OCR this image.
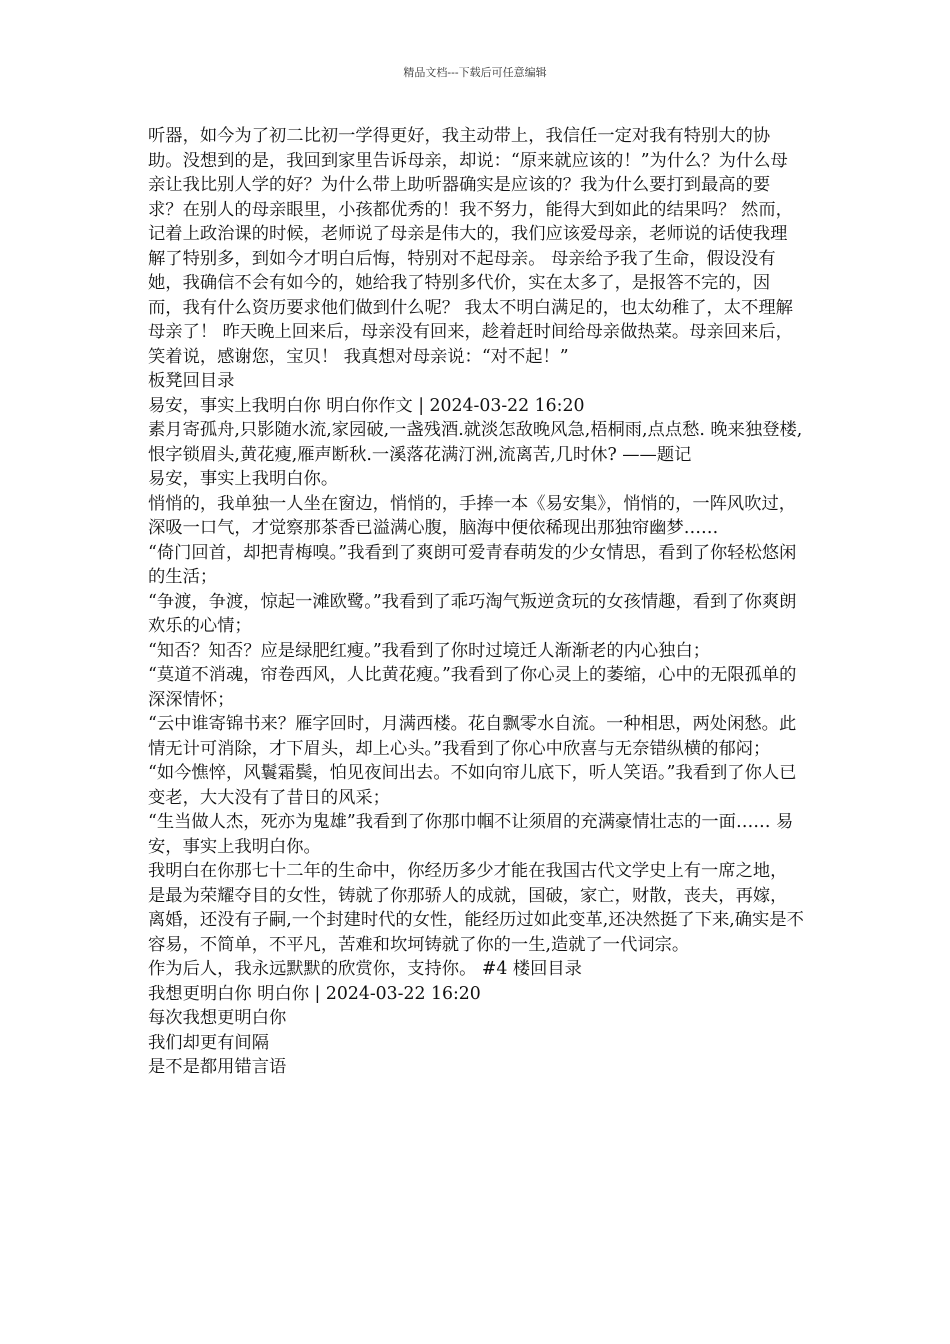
精品文档---下载后可任意编辑

听器，如今为了初二比初一学得更好，我主动带上，我信任一定对我有特别大的协助。没想到的是，我回到家里告诉母亲，却说：“原来就应该的！”为什么？为什么母亲让我比别人学的好？为什么带上助听器确实是应该的？我为什么要打到最高的要求？在别人的母亲眼里，小孩都优秀的！我不努力，能得大到如此的结果吗？ 然而，记着上政治课的时候，老师说了母亲是伟大的，我们应该爱母亲，老师说的话使我理解了特别多，到如今才明白后悔，特别对不起母亲。 母亲给予我了生命，假设没有她，我确信不会有如今的，她给我了特别多代价，实在太多了，是报答不完的，因而，我有什么资历要求他们做到什么呢？ 我太不明白满足的，也太幼稚了，太不理解母亲了！ 昨天晚上回来后，母亲没有回来，趁着赶时间给母亲做热菜。母亲回来后，笑着说，感谢您，宝贝！ 我真想对母亲说：“对不起！”

板凳回目录

易安，事实上我明白你 明白你作文 | 2024-03-22 16:20

素月寄孤舟,只影随水流,家园破,一盏残酒.就淡怎敌晚风急,梧桐雨,点点愁. 晚来独登楼,恨字锁眉头,黄花瘦,雁声断秋.一溪落花满汀洲,流离苦,几时休? ——题记

易安，事实上我明白你。

悄悄的，我单独一人坐在窗边，悄悄的，手捧一本《易安集》，悄悄的，一阵风吹过，深吸一口气，才觉察那茶香已溢满心腹，脑海中便依稀现出那独帘幽梦……

“倚门回首，却把青梅嗅。”我看到了爽朗可爱青春萌发的少女情思，看到了你轻松悠闲的生活；

“争渡，争渡，惊起一滩欧鹭。”我看到了乖巧淘气叛逆贪玩的女孩情趣，看到了你爽朗欢乐的心情；

“知否？知否？应是绿肥红瘦。”我看到了你时过境迁人渐渐老的内心独白；

“莫道不消魂，帘卷西风，人比黄花瘦。”我看到了你心灵上的萎缩，心中的无限孤单的深深情怀；

“云中谁寄锦书来？雁字回时，月满西楼。花自飘零水自流。一种相思，两处闲愁。此情无计可消除，才下眉头，却上心头。”我看到了你心中欣喜与无奈错纵横的郁闷；

“如今憔悴，风鬟霜鬓，怕见夜间出去。不如向帘儿底下，听人笑语。”我看到了你人已变老，大大没有了昔日的风采；

“生当做人杰，死亦为鬼雄”我看到了你那巾帼不让须眉的充满豪情壮志的一面…… 易安，事实上我明白你。

我明白在你那七十二年的生命中，你经历多少才能在我国古代文学史上有一席之地，是最为荣耀夺目的女性，铸就了你那骄人的成就，国破，家亡，财散，丧夫，再嫁，离婚，还没有子嗣,一个封建时代的女性，能经历过如此变革,还决然挺了下来,确实是不容易，不简单，不平凡，苦难和坎坷铸就了你的一生,造就了一代词宗。

作为后人，我永远默默的欣赏你，支持你。 #4 楼回目录

我想更明白你 明白你 | 2024-03-22 16:20

每次我想更明白你

我们却更有间隔

是不是都用错言语
